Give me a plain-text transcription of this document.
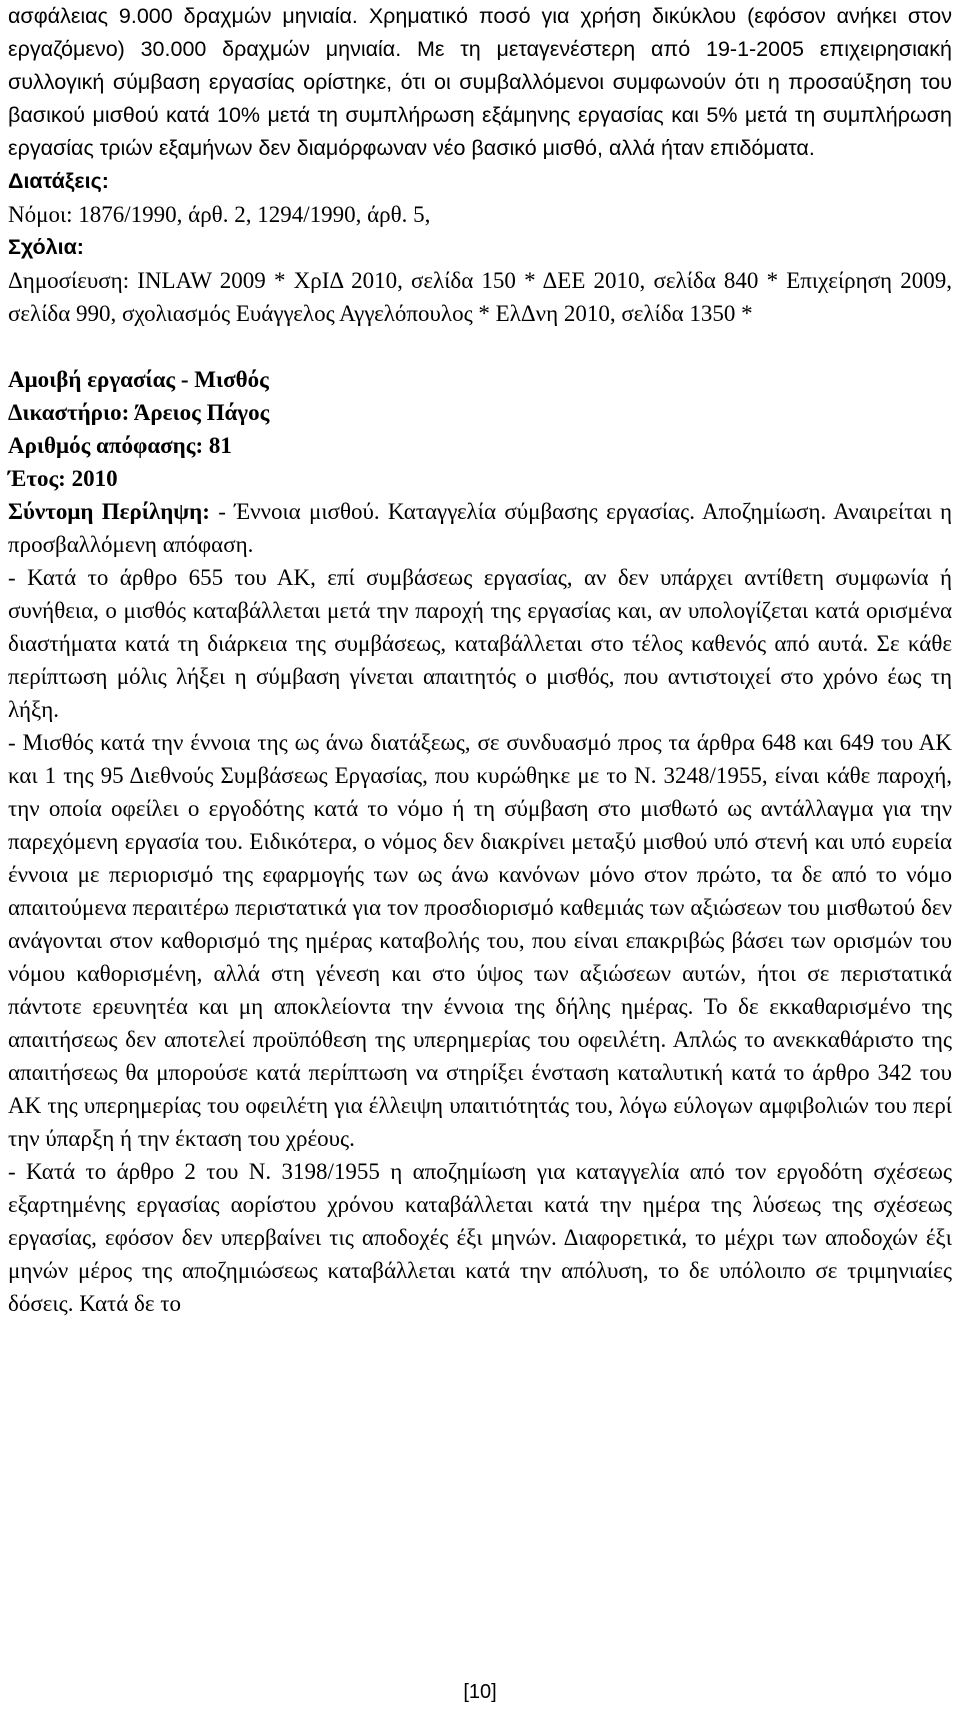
ασφάλειας 9.000 δραχμών μηνιαία. Χρηματικό ποσό για χρήση δικύκλου (εφόσον ανήκει στον εργαζόμενο) 30.000 δραχμών μηνιαία. Με τη μεταγενέστερη από 19-1-2005 επιχειρησιακή συλλογική σύμβαση εργασίας ορίστηκε, ότι οι συμβαλλόμενοι συμφωνούν ότι η προσαύξηση του βασικού μισθού κατά 10% μετά τη συμπλήρωση εξάμηνης εργασίας και 5% μετά τη συμπλήρωση εργασίας τριών εξαμήνων δεν διαμόρφωναν νέο βασικό μισθό, αλλά ήταν επιδόματα.

Διατάξεις:
Νόμοι: 1876/1990, άρθ. 2, 1294/1990, άρθ. 5,
Σχόλια:

Δημοσίευση: INLAW 2009 * ΧρΙΔ 2010, σελίδα 150 * ΔΕΕ 2010, σελίδα 840 * Επιχείρηση 2009, σελίδα 990, σχολιασμός Ευάγγελος Αγγελόπουλος * ΕλΔνη 2010, σελίδα 1350 *

Αμοιβή εργασίας - Μισθός
Δικαστήριο: Άρειος Πάγος
Αριθμός απόφασης: 81
Έτος: 2010

Σύντομη Περίληψη: - Έννοια μισθού. Καταγγελία σύμβασης εργασίας. Αποζημίωση. Αναιρείται η προσβαλλόμενη απόφαση.

- Κατά το άρθρο 655 του ΑΚ, επί συμβάσεως εργασίας, αν δεν υπάρχει αντίθετη συμφωνία ή συνήθεια, ο μισθός καταβάλλεται μετά την παροχή της εργασίας και, αν υπολογίζεται κατά ορισμένα διαστήματα κατά τη διάρκεια της συμβάσεως, καταβάλλεται στο τέλος καθενός από αυτά. Σε κάθε περίπτωση μόλις λήξει η σύμβαση γίνεται απαιτητός ο μισθός, που αντιστοιχεί στο χρόνο έως τη λήξη.

- Μισθός κατά την έννοια της ως άνω διατάξεως, σε συνδυασμό προς τα άρθρα 648 και 649 του ΑΚ και 1 της 95 Διεθνούς Συμβάσεως Εργασίας, που κυρώθηκε με το Ν. 3248/1955, είναι κάθε παροχή, την οποία οφείλει ο εργοδότης κατά το νόμο ή τη σύμβαση στο μισθωτό ως αντάλλαγμα για την παρεχόμενη εργασία του. Ειδικότερα, ο νόμος δεν διακρίνει μεταξύ μισθού υπό στενή και υπό ευρεία έννοια με περιορισμό της εφαρμογής των ως άνω κανόνων μόνο στον πρώτο, τα δε από το νόμο απαιτούμενα περαιτέρω περιστατικά για τον προσδιορισμό καθεμιάς των αξιώσεων του μισθωτού δεν ανάγονται στον καθορισμό της ημέρας καταβολής του, που είναι επακριβώς βάσει των ορισμών του νόμου καθορισμένη, αλλά στη γένεση και στο ύψος των αξιώσεων αυτών, ήτοι σε περιστατικά πάντοτε ερευνητέα και μη αποκλείοντα την έννοια της δήλης ημέρας. Το δε εκκαθαρισμένο της απαιτήσεως δεν αποτελεί προϋπόθεση της υπερημερίας του οφειλέτη. Απλώς το ανεκκαθάριστο της απαιτήσεως θα μπορούσε κατά περίπτωση να στηρίξει ένσταση καταλυτική κατά το άρθρο 342 του ΑΚ της υπερημερίας του οφειλέτη για έλλειψη υπαιτιότητάς του, λόγω εύλογων αμφιβολιών του περί την ύπαρξη ή την έκταση του χρέους.

- Κατά το άρθρο 2 του Ν. 3198/1955 η αποζημίωση για καταγγελία από τον εργοδότη σχέσεως εξαρτημένης εργασίας αορίστου χρόνου καταβάλλεται κατά την ημέρα της λύσεως της σχέσεως εργασίας, εφόσον δεν υπερβαίνει τις αποδοχές έξι μηνών. Διαφορετικά, το μέχρι των αποδοχών έξι μηνών μέρος της αποζημιώσεως καταβάλλεται κατά την απόλυση, το δε υπόλοιπο σε τριμηνιαίες δόσεις. Κατά δε το

[10]
